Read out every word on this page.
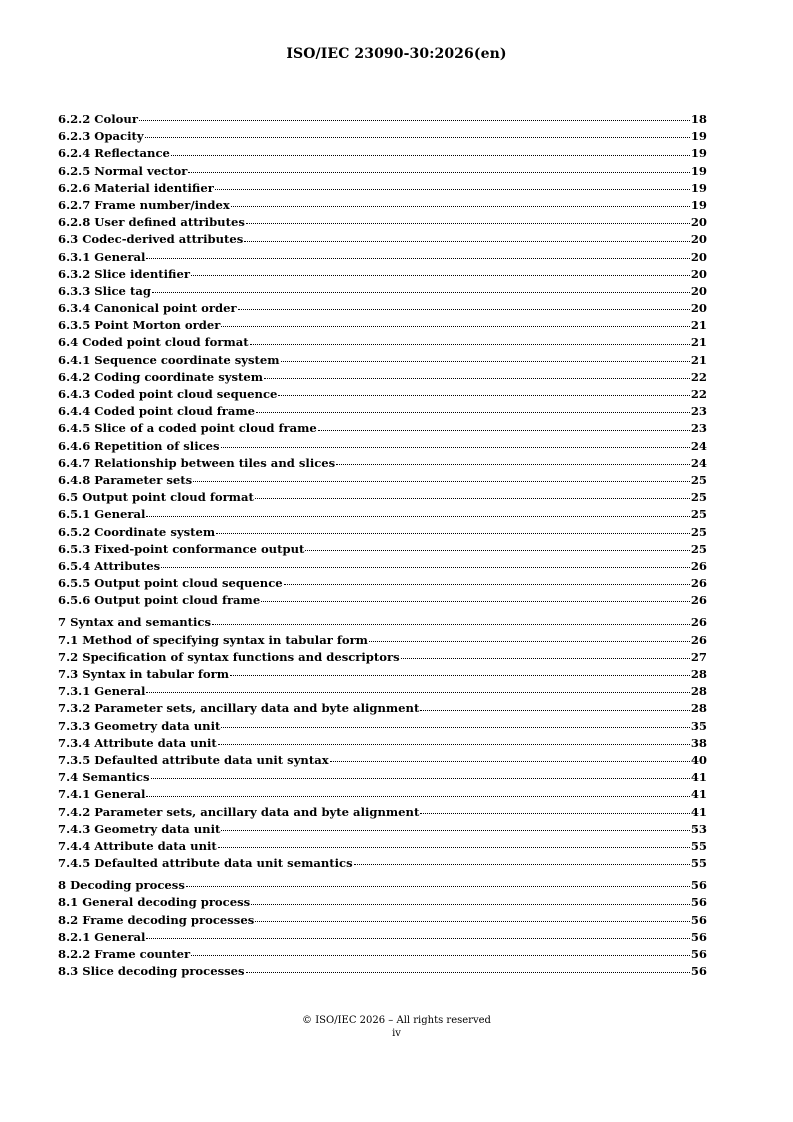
ISO/IEC 23090-30:2026(en)
6.2.2 Colour	18
6.2.3 Opacity	19
6.2.4 Reflectance	19
6.2.5 Normal vector	19
6.2.6 Material identifier	19
6.2.7 Frame number/index	19
6.2.8 User defined attributes	20
6.3 Codec-derived attributes	20
6.3.1 General	20
6.3.2 Slice identifier	20
6.3.3 Slice tag	20
6.3.4 Canonical point order	20
6.3.5 Point Morton order	21
6.4 Coded point cloud format	21
6.4.1 Sequence coordinate system	21
6.4.2 Coding coordinate system	22
6.4.3 Coded point cloud sequence	22
6.4.4 Coded point cloud frame	23
6.4.5 Slice of a coded point cloud frame	23
6.4.6 Repetition of slices	24
6.4.7 Relationship between tiles and slices	24
6.4.8 Parameter sets	25
6.5 Output point cloud format	25
6.5.1 General	25
6.5.2 Coordinate system	25
6.5.3 Fixed-point conformance output	25
6.5.4 Attributes	26
6.5.5 Output point cloud sequence	26
6.5.6 Output point cloud frame	26
7 Syntax and semantics	26
7.1 Method of specifying syntax in tabular form	26
7.2 Specification of syntax functions and descriptors	27
7.3 Syntax in tabular form	28
7.3.1 General	28
7.3.2 Parameter sets, ancillary data and byte alignment	28
7.3.3 Geometry data unit	35
7.3.4 Attribute data unit	38
7.3.5 Defaulted attribute data unit syntax	40
7.4 Semantics	41
7.4.1 General	41
7.4.2 Parameter sets, ancillary data and byte alignment	41
7.4.3 Geometry data unit	53
7.4.4 Attribute data unit	55
7.4.5 Defaulted attribute data unit semantics	55
8 Decoding process	56
8.1 General decoding process	56
8.2 Frame decoding processes	56
8.2.1 General	56
8.2.2 Frame counter	56
8.3 Slice decoding processes	56
© ISO/IEC 2026 – All rights reserved
iv
